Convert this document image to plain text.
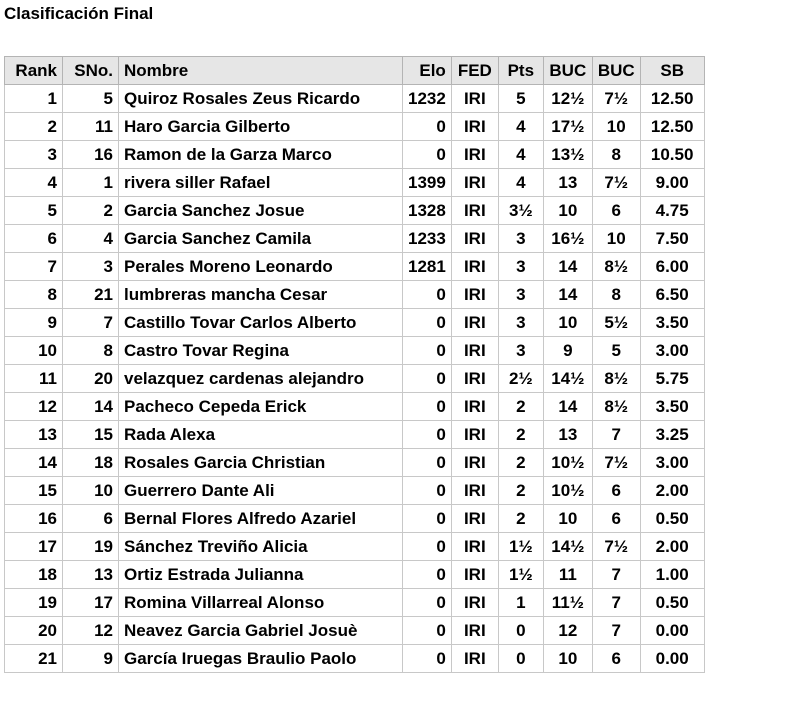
Clasificación Final
Rank	SNo.	Nombre	Elo	FED	Pts	BUC	BUC	SB
1	5	Quiroz Rosales Zeus Ricardo	1232	IRI	5	12½	7½	12.50
2	11	Haro Garcia Gilberto	0	IRI	4	17½	10	12.50
3	16	Ramon de la Garza Marco	0	IRI	4	13½	8	10.50
4	1	rivera siller Rafael	1399	IRI	4	13	7½	9.00
5	2	Garcia Sanchez Josue	1328	IRI	3½	10	6	4.75
6	4	Garcia Sanchez Camila	1233	IRI	3	16½	10	7.50
7	3	Perales Moreno Leonardo	1281	IRI	3	14	8½	6.00
8	21	lumbreras mancha Cesar	0	IRI	3	14	8	6.50
9	7	Castillo Tovar Carlos Alberto	0	IRI	3	10	5½	3.50
10	8	Castro Tovar Regina	0	IRI	3	9	5	3.00
11	20	velazquez cardenas alejandro	0	IRI	2½	14½	8½	5.75
12	14	Pacheco Cepeda Erick	0	IRI	2	14	8½	3.50
13	15	Rada Alexa	0	IRI	2	13	7	3.25
14	18	Rosales Garcia Christian	0	IRI	2	10½	7½	3.00
15	10	Guerrero Dante Ali	0	IRI	2	10½	6	2.00
16	6	Bernal Flores Alfredo Azariel	0	IRI	2	10	6	0.50
17	19	Sánchez Treviño Alicia	0	IRI	1½	14½	7½	2.00
18	13	Ortiz Estrada Julianna	0	IRI	1½	11	7	1.00
19	17	Romina Villarreal Alonso	0	IRI	1	11½	7	0.50
20	12	Neavez Garcia Gabriel Josuè	0	IRI	0	12	7	0.00
21	9	García Iruegas Braulio Paolo	0	IRI	0	10	6	0.00
